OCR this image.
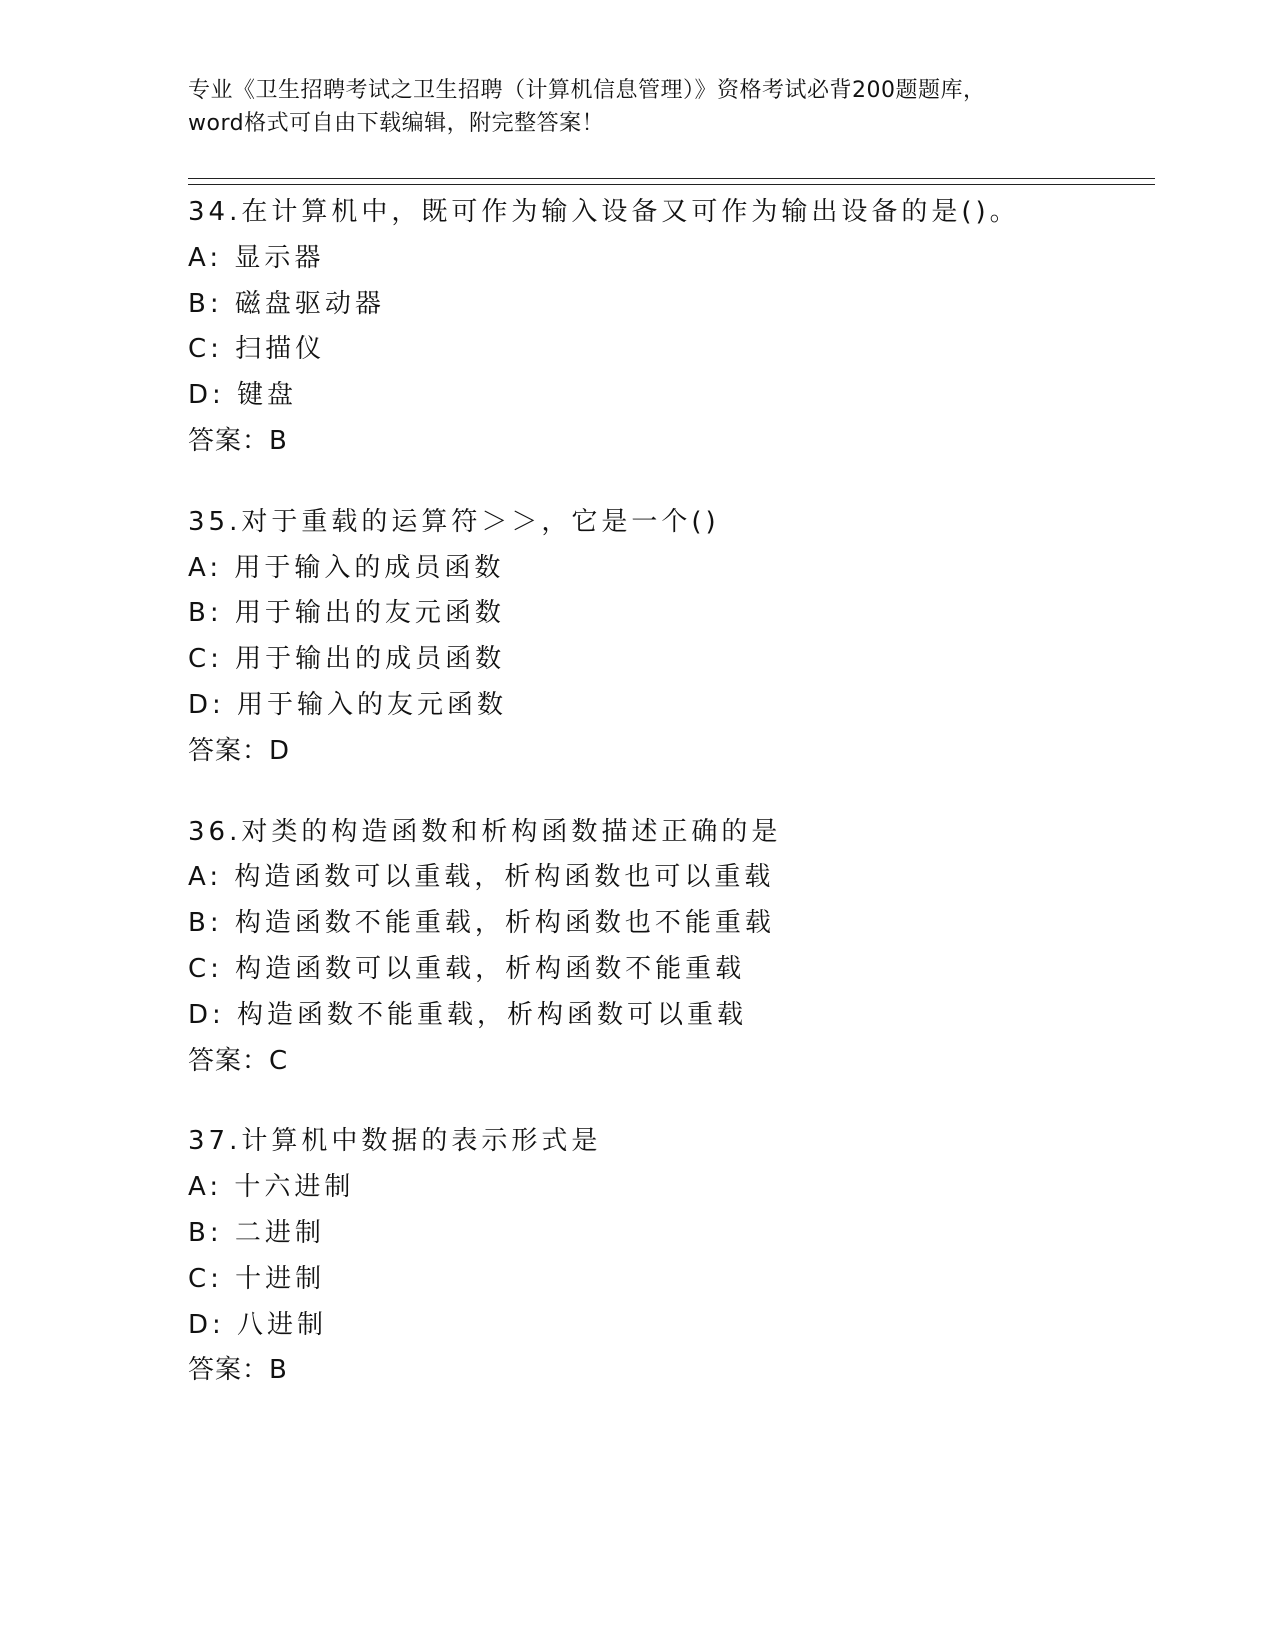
专业《卫生招聘考试之卫生招聘（计算机信息管理）》资格考试必背200题题库，
word格式可自由下载编辑，附完整答案！
34.在计算机中，既可作为输入设备又可作为输出设备的是()。
A: 显示器
B: 磁盘驱动器
C: 扫描仪
D: 键盘
答案：B
35.对于重载的运算符＞＞，它是一个()
A: 用于输入的成员函数
B: 用于输出的友元函数
C: 用于输出的成员函数
D: 用于输入的友元函数
答案：D
36.对类的构造函数和析构函数描述正确的是
A: 构造函数可以重载，析构函数也可以重载
B: 构造函数不能重载，析构函数也不能重载
C: 构造函数可以重载，析构函数不能重载
D: 构造函数不能重载，析构函数可以重载
答案：C
37.计算机中数据的表示形式是
A: 十六进制
B: 二进制
C: 十进制
D: 八进制
答案：B
